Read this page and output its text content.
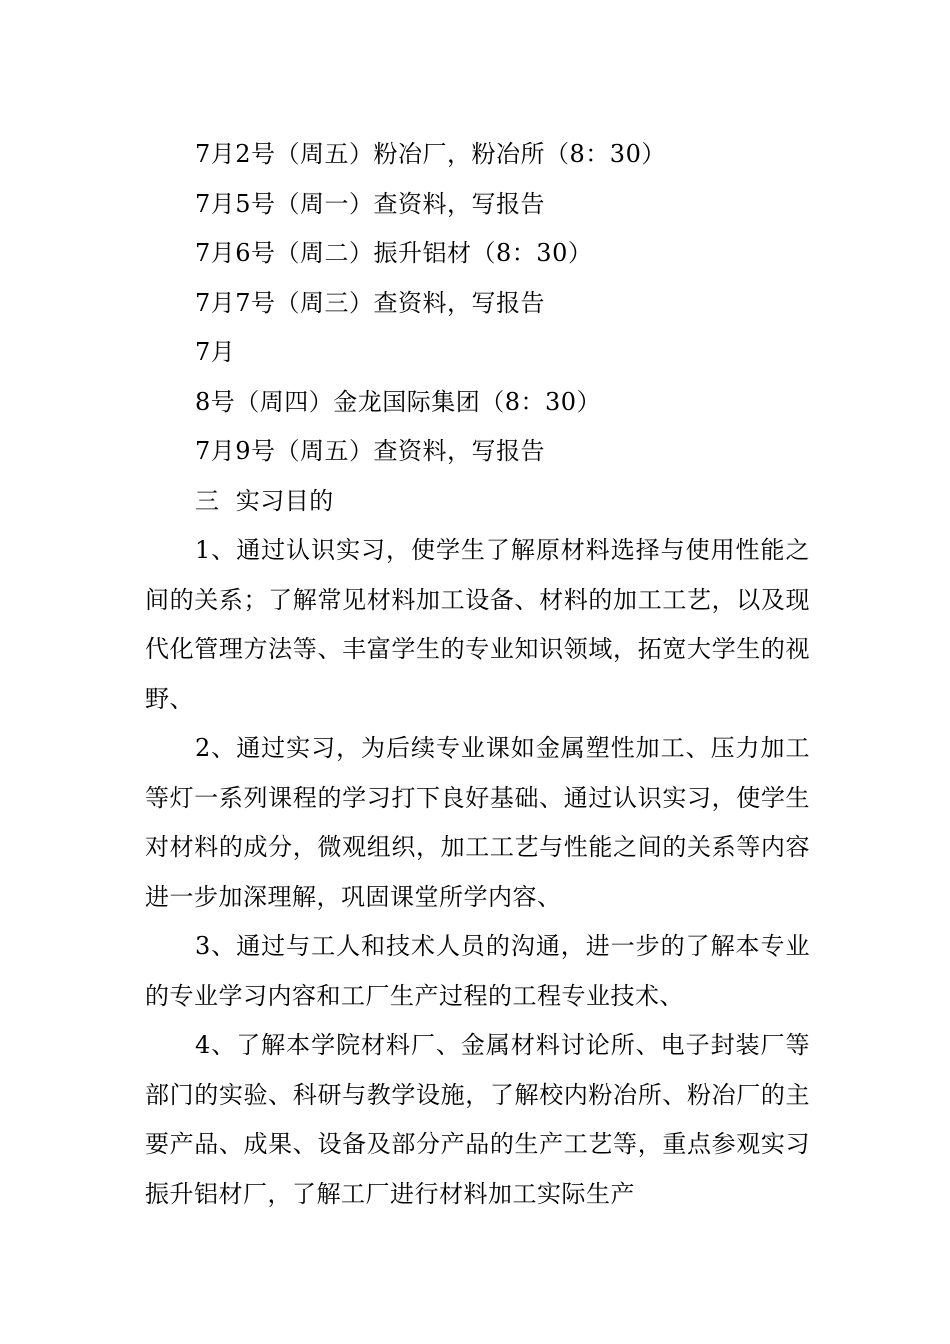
7月2号（周五）粉冶厂，粉冶所（8：30）
7月5号（周一）查资料，写报告
7月6号（周二）振升铝材（8：30）
7月7号（周三）查资料，写报告
7月
8号（周四）金龙国际集团（8：30）
7月9号（周五）查资料，写报告
三  实习目的

1、通过认识实习，使学生了解原材料选择与使用性能之间的关系；了解常见材料加工设备、材料的加工工艺，以及现代化管理方法等、丰富学生的专业知识领域，拓宽大学生的视野、

2、通过实习，为后续专业课如金属塑性加工、压力加工等灯一系列课程的学习打下良好基础、通过认识实习，使学生对材料的成分，微观组织，加工工艺与性能之间的关系等内容进一步加深理解，巩固课堂所学内容、

3、通过与工人和技术人员的沟通，进一步的了解本专业的专业学习内容和工厂生产过程的工程专业技术、

4、了解本学院材料厂、金属材料讨论所、电子封装厂等部门的实验、科研与教学设施，了解校内粉冶所、粉冶厂的主要产品、成果、设备及部分产品的生产工艺等，重点参观实习振升铝材厂，了解工厂进行材料加工实际生产
